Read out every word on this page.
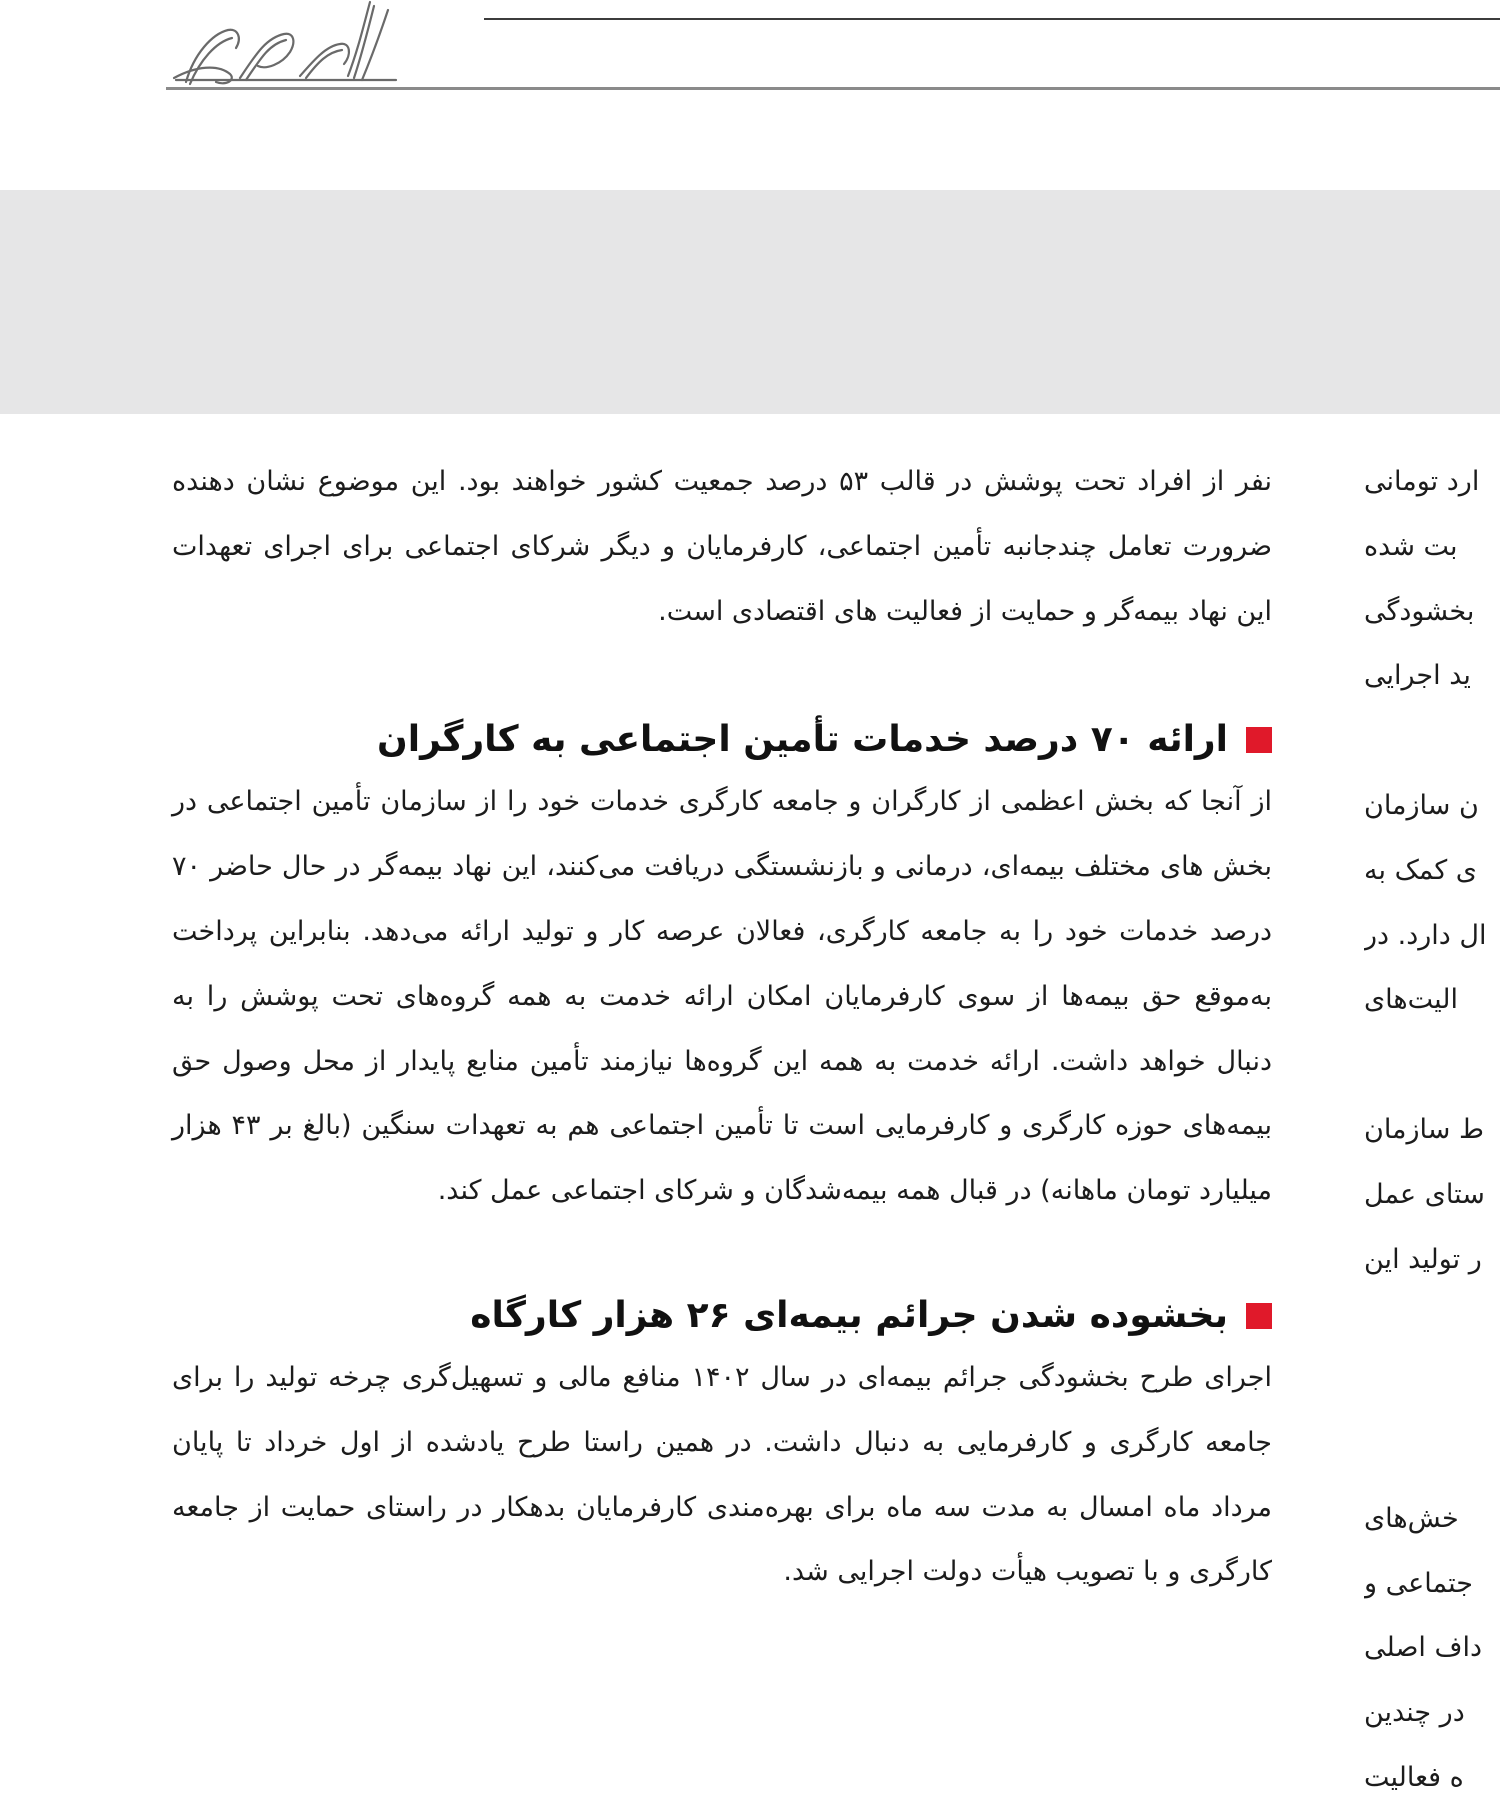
نفر از افراد تحت پوشش در قالب ۵۳ درصد جمعیت کشور خواهند بود. این موضوع نشان دهنده ضرورت تعامل چندجانبه تأمین اجتماعی، کارفرمایان و دیگر شرکای اجتماعی برای اجرای تعهدات این نهاد بیمه‌گر و حمایت از فعالیت های اقتصادی است.

ارائه ۷۰ درصد خدمات تأمین اجتماعی به کارگران

از آنجا که بخش اعظمی از کارگران و جامعه کارگری خدمات خود را از سازمان تأمین اجتماعی در بخش های مختلف بیمه‌ای، درمانی و بازنشستگی دریافت می‌کنند، این نهاد بیمه‌گر در حال حاضر ۷۰ درصد خدمات خود را به جامعه کارگری، فعالان عرصه کار و تولید ارائه می‌دهد. بنابراین پرداخت به‌موقع حق بیمه‌ها از سوی کارفرمایان امکان ارائه خدمت به همه گروه‌های تحت پوشش را به دنبال خواهد داشت. ارائه خدمت به همه این گروه‌ها نیازمند تأمین منابع پایدار از محل وصول حق بیمه‌های حوزه کارگری و کارفرمایی است تا تأمین اجتماعی هم به تعهدات سنگین (بالغ بر ۴۳ هزار میلیارد تومان ماهانه) در قبال همه بیمه‌شدگان و شرکای اجتماعی عمل کند.

بخشوده شدن جرائم بیمه‌ای ۲۶ هزار کارگاه

اجرای طرح بخشودگی جرائم بیمه‌ای در سال ۱۴۰۲ منافع مالی و تسهیل‌گری چرخه تولید را برای جامعه کارگری و کارفرمایی به دنبال داشت. در همین راستا طرح یادشده از اول خرداد تا پایان مرداد ماه امسال به مدت سه ماه برای بهره‌مندی کارفرمایان بدهکار در راستای حمایت از جامعه کارگری و با تصویب هیأت دولت اجرایی شد.

ارد تومانی
بت شده
بخشودگی
ید اجرایی
ن سازمان
ی کمک به
ال دارد. در
الیت‌های
ط سازمان
ستای عمل
ر تولید این
خش‌های
جتماعی و
داف اصلی
در چندین
ه فعالیت
